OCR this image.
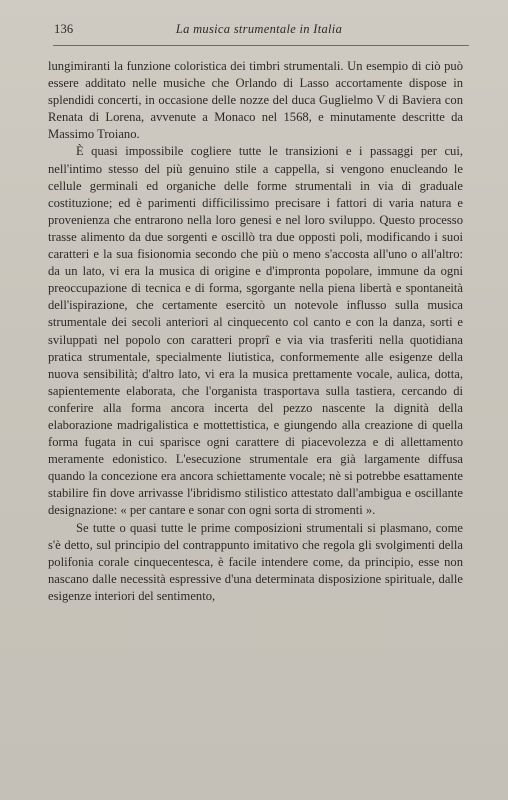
136	La musica strumentale in Italia

lungimiranti la funzione coloristica dei timbri strumentali. Un esempio di ciò può essere additato nelle musiche che Orlando di Lasso accortamente dispose in splendidi concerti, in occasione delle nozze del duca Guglielmo V di Baviera con Renata di Lorena, avvenute a Monaco nel 1568, e minutamente descritte da Massimo Troiano.

È quasi impossibile cogliere tutte le transizioni e i passaggi per cui, nell'intimo stesso del più genuino stile a cappella, si vengono enucleando le cellule germinali ed organiche delle forme strumentali in via di graduale costituzione; ed è parimenti difficilissimo precisare i fattori di varia natura e provenienza che entrarono nella loro genesi e nel loro sviluppo. Questo processo trasse alimento da due sorgenti e oscillò tra due opposti poli, modificando i suoi caratteri e la sua fisionomia secondo che più o meno s'accosta all'uno o all'altro: da un lato, vi era la musica di origine e d'impronta popolare, immune da ogni preoccupazione di tecnica e di forma, sgorgante nella piena libertà e spontaneità dell'ispirazione, che certamente esercitò un notevole influsso sulla musica strumentale dei secoli anteriori al cinquecento col canto e con la danza, sorti e sviluppati nel popolo con caratteri proprî e via via trasferiti nella quotidiana pratica strumentale, specialmente liutistica, conformemente alle esigenze della nuova sensibilità; d'altro lato, vi era la musica prettamente vocale, aulica, dotta, sapientemente elaborata, che l'organista trasportava sulla tastiera, cercando di conferire alla forma ancora incerta del pezzo nascente la dignità della elaborazione madrigalistica e mottettistica, e giungendo alla creazione di quella forma fugata in cui sparisce ogni carattere di piacevolezza e di allettamento meramente edonistico. L'esecuzione strumentale era già largamente diffusa quando la concezione era ancora schiettamente vocale; nè si potrebbe esattamente stabilire fin dove arrivasse l'ibridismo stilistico attestato dall'ambigua e oscillante designazione: « per cantare e sonar con ogni sorta di stromenti ».

Se tutte o quasi tutte le prime composizioni strumentali si plasmano, come s'è detto, sul principio del contrappunto imitativo che regola gli svolgimenti della polifonia corale cinquecentesca, è facile intendere come, da principio, esse non nascano dalle necessità espressive d'una determinata disposizione spirituale, dalle esigenze interiori del sentimento,
